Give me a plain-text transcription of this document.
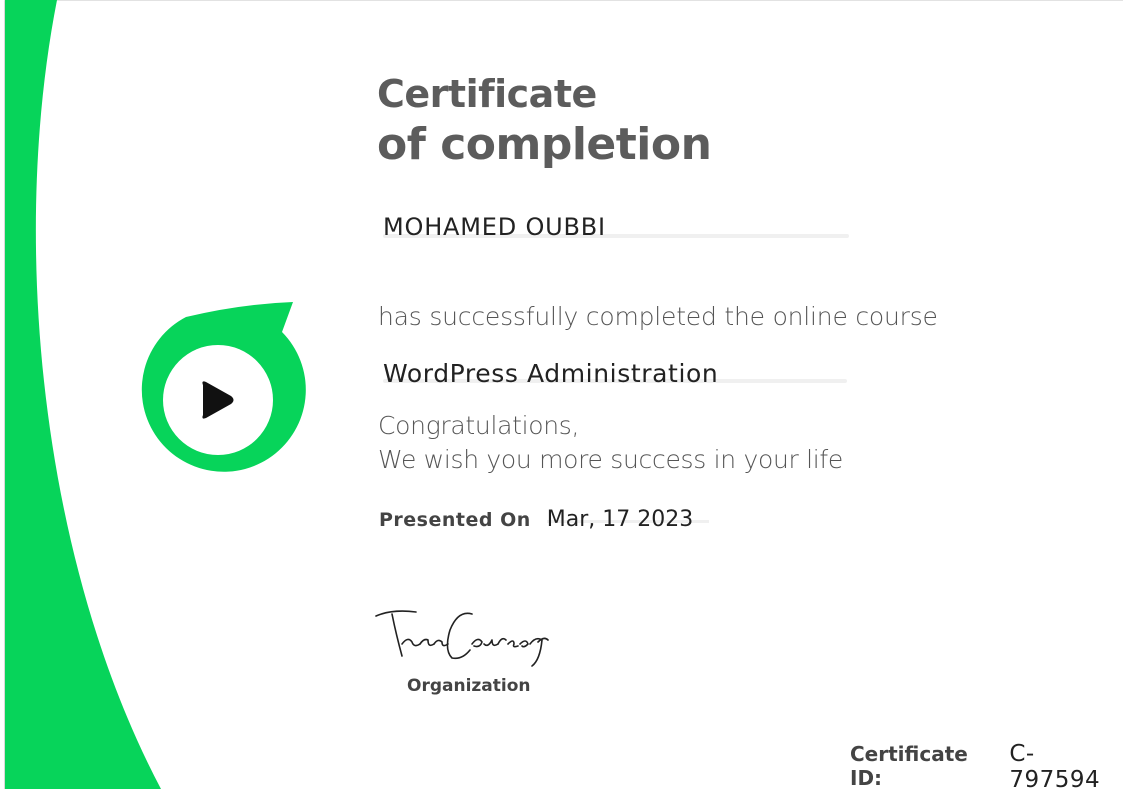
Certificate
of completion
MOHAMED OUBBI
has successfully completed the online course
WordPress Administration
Congratulations,
We wish you more success in your life
Presented On Mar, 17 2023
Organization
Certificate ID:
C-797594
